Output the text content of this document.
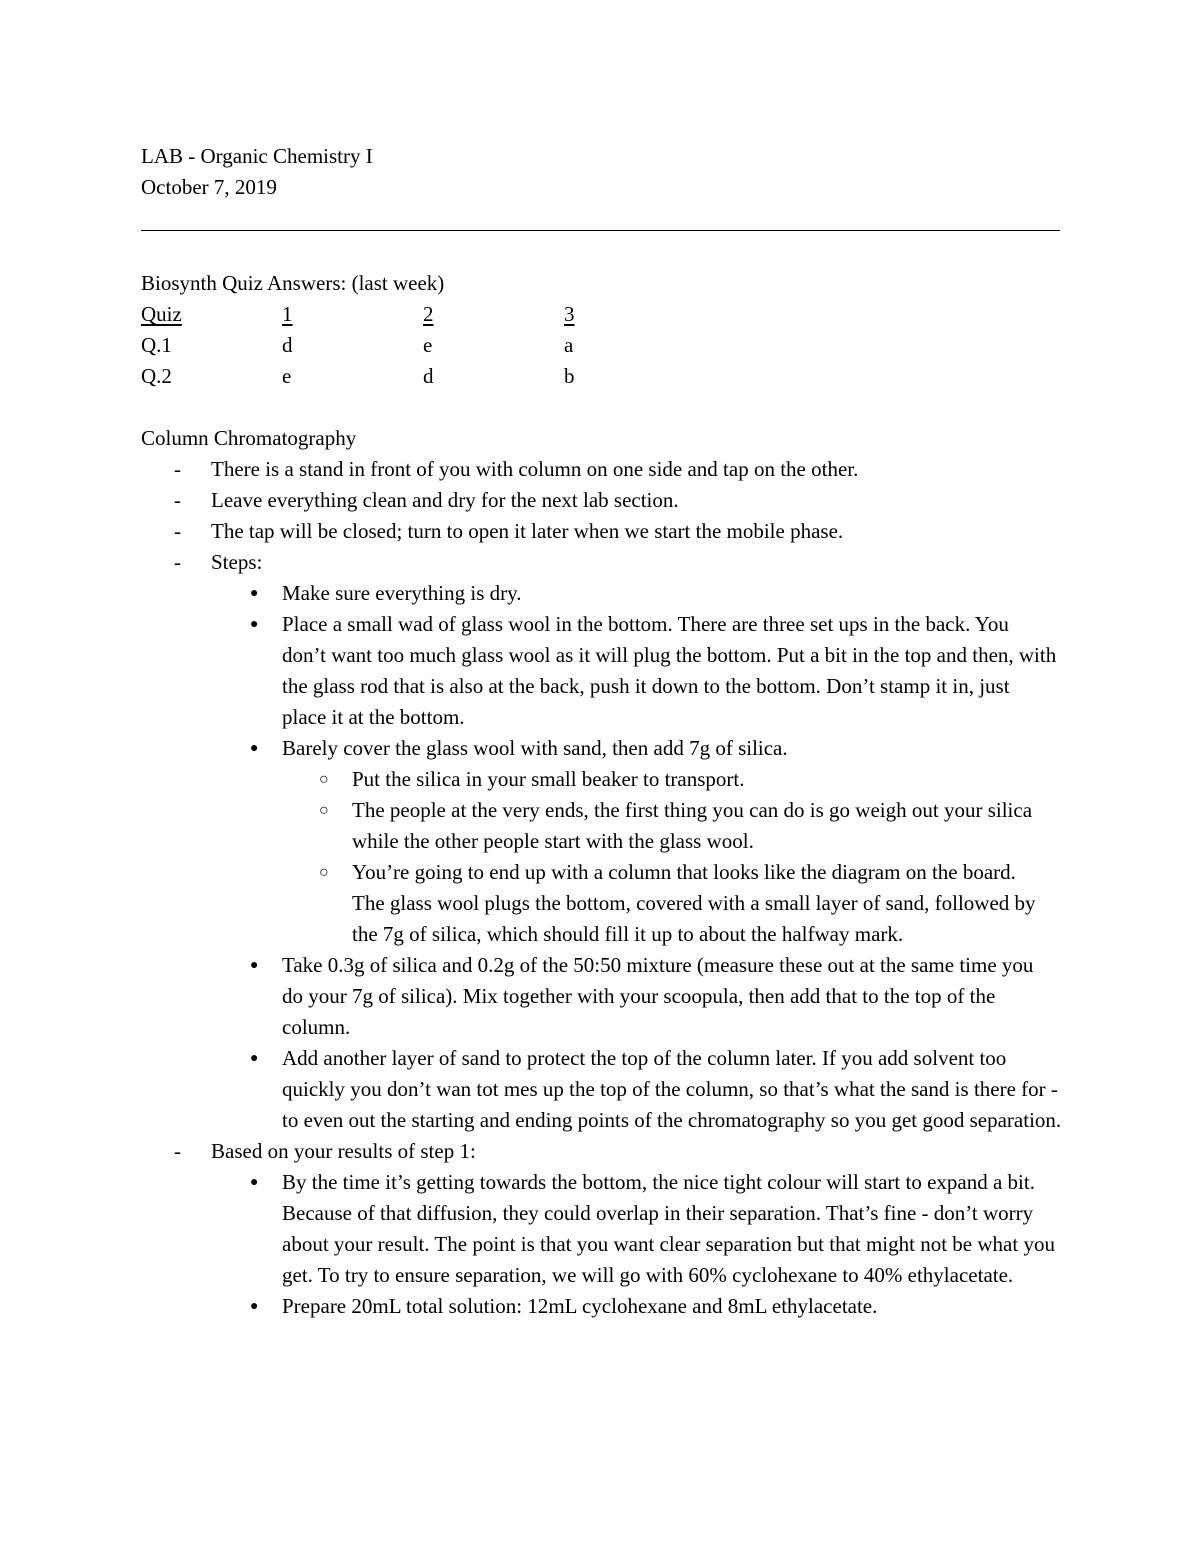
LAB - Organic Chemistry I

October 7, 2019

Biosynth Quiz Answers: (last week)

Quiz	1	2	3
Q.1	d	e	a
Q.2	e	d	b

Column Chromatography

- There is a stand in front of you with column on one side and tap on the other.
- Leave everything clean and dry for the next lab section.
- The tap will be closed; turn to open it later when we start the mobile phase.
- Steps:
● Make sure everything is dry.
● Place a small wad of glass wool in the bottom. There are three set ups in the back. You don’t want too much glass wool as it will plug the bottom. Put a bit in the top and then, with the glass rod that is also at the back, push it down to the bottom. Don’t stamp it in, just place it at the bottom.
● Barely cover the glass wool with sand, then add 7g of silica.
○ Put the silica in your small beaker to transport.
○ The people at the very ends, the first thing you can do is go weigh out your silica while the other people start with the glass wool.
○ You’re going to end up with a column that looks like the diagram on the board. The glass wool plugs the bottom, covered with a small layer of sand, followed by the 7g of silica, which should fill it up to about the halfway mark.
● Take 0.3g of silica and 0.2g of the 50:50 mixture (measure these out at the same time you do your 7g of silica). Mix together with your scoopula, then add that to the top of the column.
● Add another layer of sand to protect the top of the column later. If you add solvent too quickly you don’t wan tot mes up the top of the column, so that’s what the sand is there for - to even out the starting and ending points of the chromatography so you get good separation.
- Based on your results of step 1:
● By the time it’s getting towards the bottom, the nice tight colour will start to expand a bit. Because of that diffusion, they could overlap in their separation. That’s fine - don’t worry about your result. The point is that you want clear separation but that might not be what you get. To try to ensure separation, we will go with 60% cyclohexane to 40% ethylacetate.
● Prepare 20mL total solution: 12mL cyclohexane and 8mL ethylacetate.
